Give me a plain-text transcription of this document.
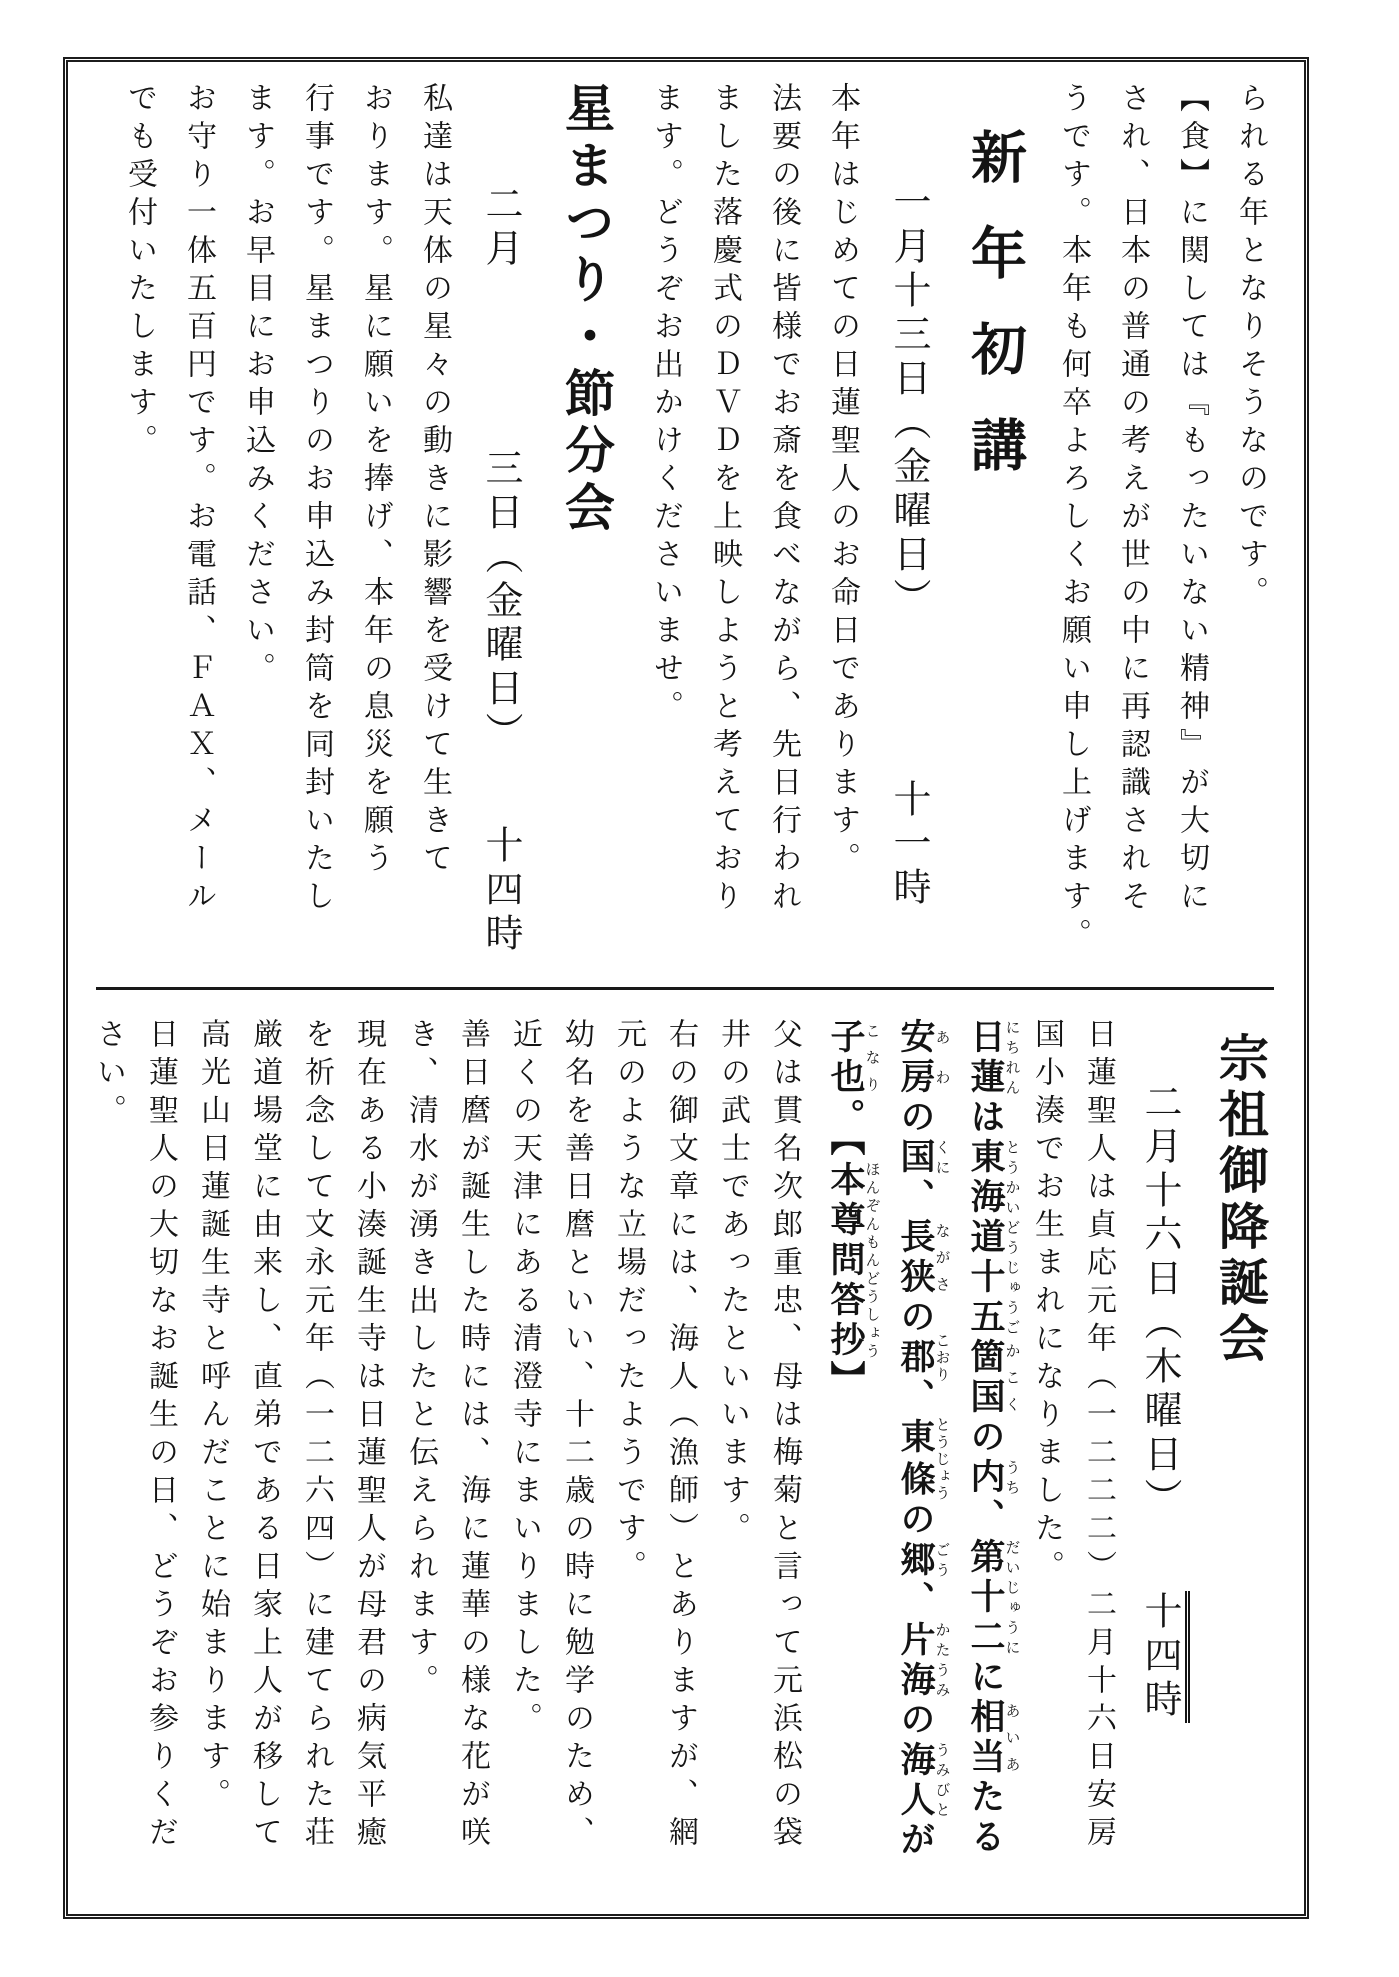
られる年となりそうなのです。

【食】に関しては『もったいない精神』が大切に

され、日本の普通の考えが世の中に再認識されそ

うです。本年も何卒よろしくお願い申し上げます。

新年初講

一月十三日（金曜日）　　　　十一時

本年はじめての日蓮聖人のお命日であります。

法要の後に皆様でお斎を食べながら、先日行われ

ました落慶式のＤＶＤを上映しようと考えており

ます。どうぞお出かけくださいませ。

星まつり・節分会

二月　　　　三日（金曜日）　　十四時

私達は天体の星々の動きに影響を受けて生きて

おります。星に願いを捧げ、本年の息災を願う

行事です。星まつりのお申込み封筒を同封いたし

ます。お早目にお申込みください。

お守り一体五百円です。お電話、ＦＡＸ、メール

でも受付いたします。

宗祖御降誕会

二月十六日（木曜日）　　十四時

日蓮聖人は貞応元年（一二二二）二月十六日安房

国小湊でお生まれになりました。

日蓮にちれんは東海道十五とうかいどうじゅうご箇国かこくの内うち、第十二だいじゅうにに相当あいあたる

安房あわの国くに、長狭ながさの郡こおり、東條とうじょうの郷ごう、片海かたうみの海人うみびとが

子也こなり。【本尊問答抄ほんぞんもんどうしょう】

父は貫名次郎重忠、母は梅菊と言って元浜松の袋

井の武士であったといいます。

右の御文章には、海人（漁師）とありますが、網

元のような立場だったようです。

幼名を善日麿といい、十二歳の時に勉学のため、

近くの天津にある清澄寺にまいりました。

善日麿が誕生した時には、海に蓮華の様な花が咲

き、清水が湧き出したと伝えられます。

現在ある小湊誕生寺は日蓮聖人が母君の病気平癒

を祈念して文永元年（一二六四）に建てられた荘

厳道場堂に由来し、直弟である日家上人が移して

高光山日蓮誕生寺と呼んだことに始まります。

日蓮聖人の大切なお誕生の日、どうぞお参りくだ

さい。
